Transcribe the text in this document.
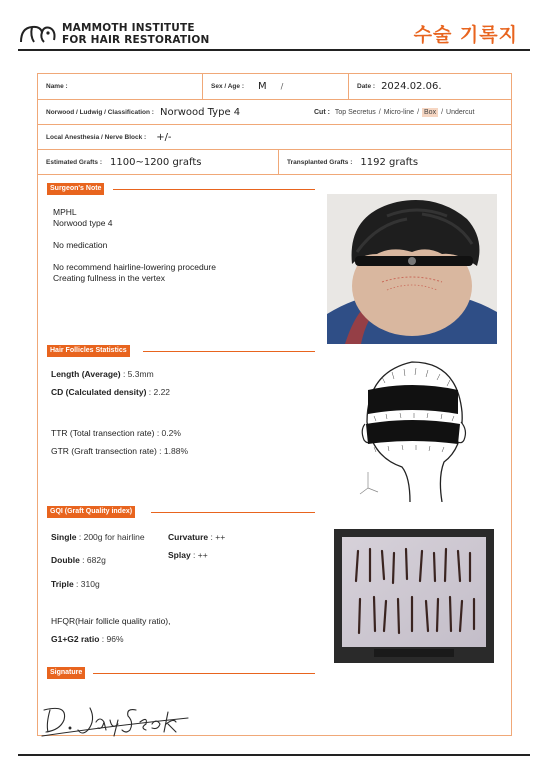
MAMMOTH INSTITUTE
FOR HAIR RESTORATION	수술 기록지
Name :	Sex / Age : M /	Date : 2024.02.06.
Norwood / Ludwig / Classification : Norwood Type 4	Cut : Top Secretus / Micro-line / Box / Undercut
Local Anesthesia / Nerve Block : +/-
Estimated Grafts : 1100~1200 grafts	Transplanted Grafts : 1192 grafts
Surgeon's Note
MPHL
Norwood type 4
No medication
No recommend hairline-lowering procedure
Creating fullness in the vertex
Hair Follicles Statistics
Length (Average) : 5.3mm
CD (Calculated density) : 2.22
TTR (Total transection rate) : 0.2%
GTR (Graft transection rate) : 1.88%
GQI (Graft Quality index)
Single : 200g for hairline	Curvature : ++
Splay : ++
Double : 682g
Triple : 310g
HFQR(Hair follicle quality ratio),
G1+G2 ratio : 96%
Signature
